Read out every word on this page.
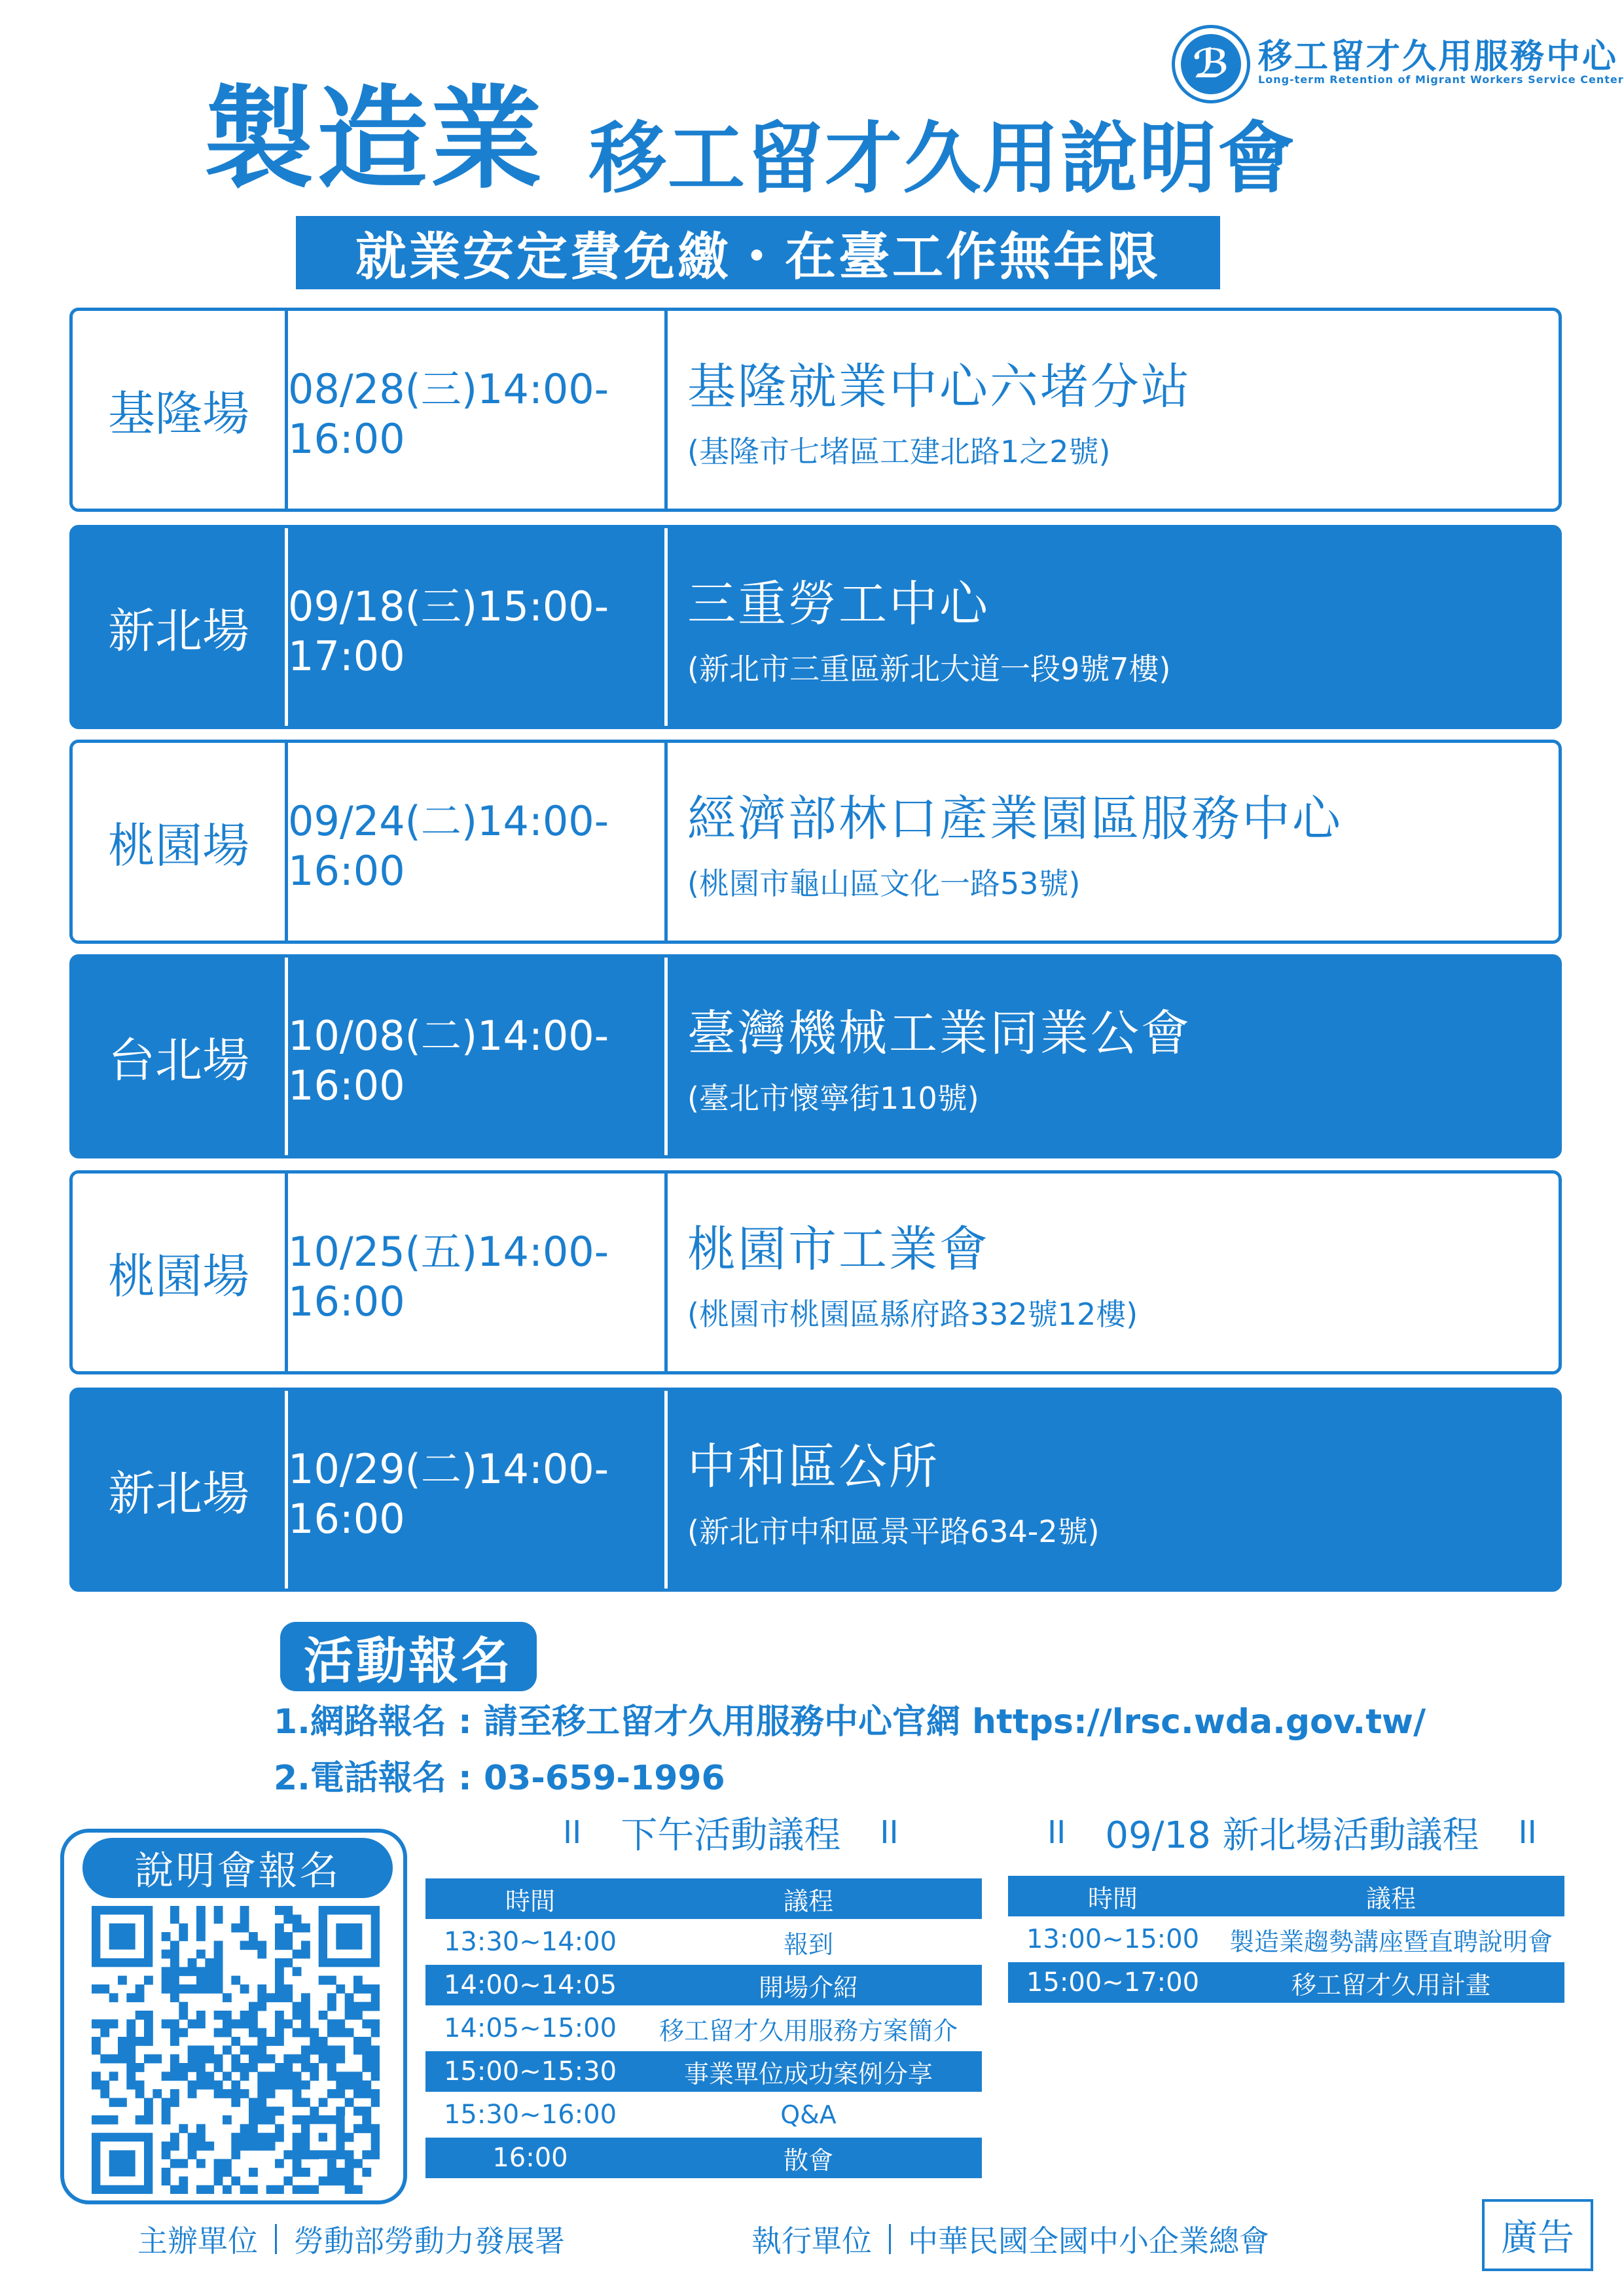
ℬ 移工留才久用服務中心
Long-term Retention of Migrant Workers Service Center
製造業 移工留才久用說明會
就業安定費免繳・在臺工作無年限
基隆場 08/28(三)14:00-16:00
基隆就業中心六堵分站
(基隆市七堵區工建北路1之2號)
新北場 09/18(三)15:00-17:00
三重勞工中心
(新北市三重區新北大道一段9號7樓)
桃園場 09/24(二)14:00-16:00
經濟部林口產業園區服務中心
(桃園市龜山區文化一路53號)
台北場 10/08(二)14:00-16:00
臺灣機械工業同業公會
(臺北市懷寧街110號)
桃園場 10/25(五)14:00-16:00
桃園市工業會
(桃園市桃園區縣府路332號12樓)
新北場 10/29(二)14:00-16:00
中和區公所
(新北市中和區景平路634-2號)
活動報名
1.網路報名 : 請至移工留才久用服務中心官網 https://lrsc.wda.gov.tw/
2.電話報名 : 03-659-1996
說明會報名
II 下午活動議程 II
時間	議程
13:30~14:00	報到
14:00~14:05	開場介紹
14:05~15:00	移工留才久用服務方案簡介
15:00~15:30	事業單位成功案例分享
15:30~16:00	Q&A
16:00	散會
II 09/18 新北場活動議程 II
時間	議程
13:00~15:00	製造業趨勢講座暨直聘說明會
15:00~17:00	移工留才久用計畫
主辦單位 勞動部勞動力發展署	執行單位 中華民國全國中小企業總會	廣告
